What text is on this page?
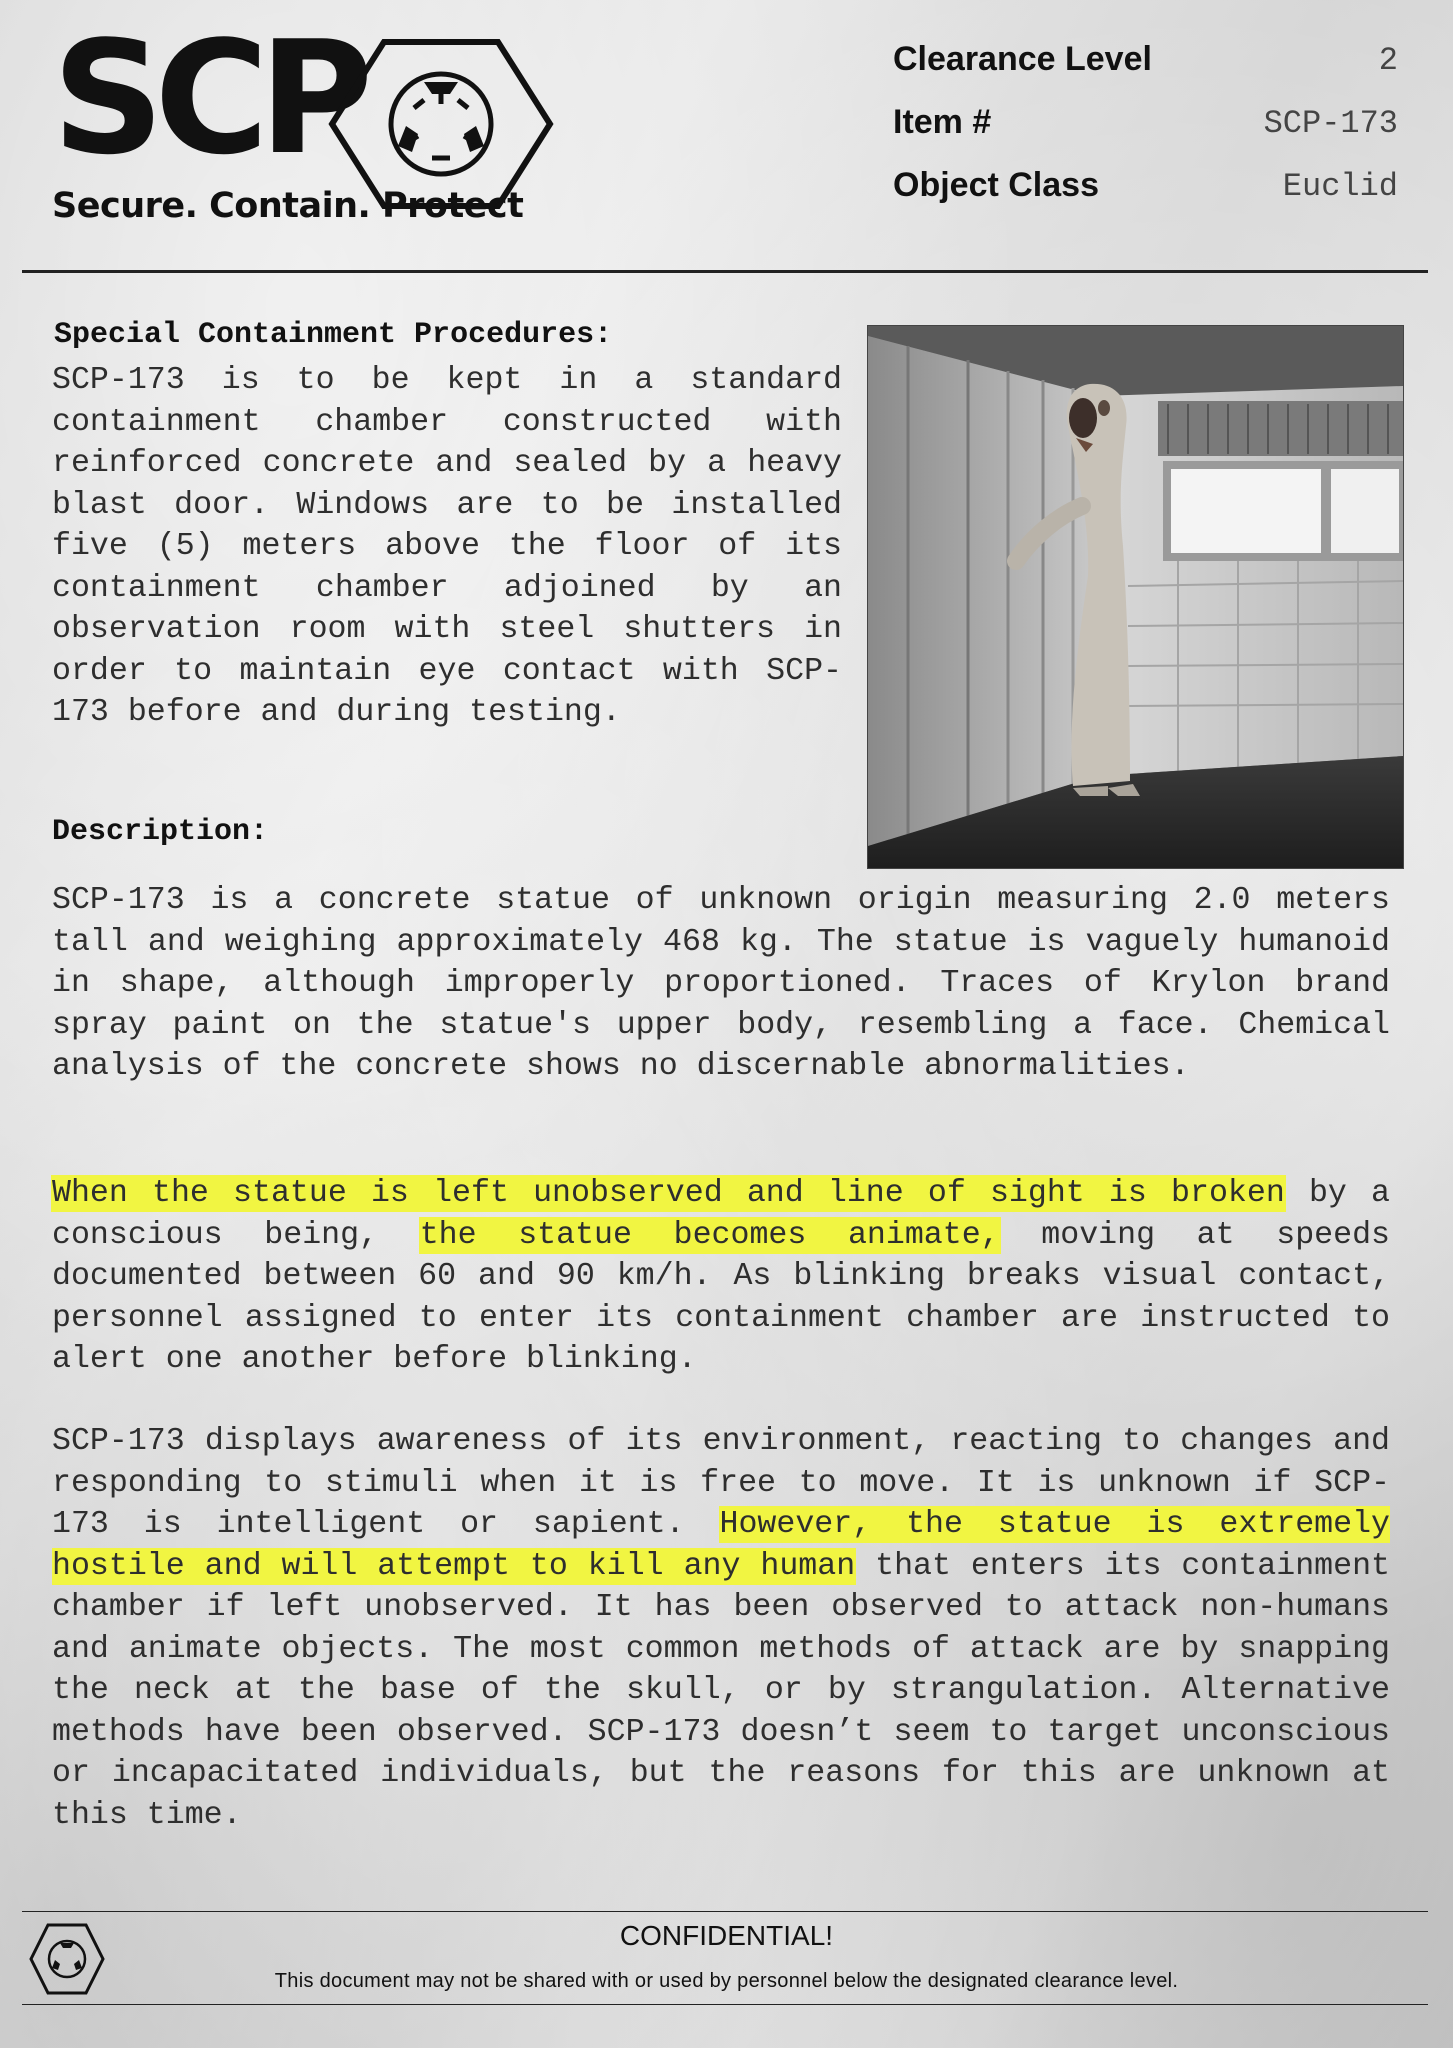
SCP
Secure. Contain. Protect
Clearance Level	2
Item #	SCP-173
Object Class	Euclid
Special Containment Procedures:
SCP-173 is to be kept in a standard containment chamber constructed with reinforced concrete and sealed by a heavy blast door. Windows are to be installed five (5) meters above the floor of its containment chamber adjoined by an observation room with steel shutters in order to maintain eye contact with SCP-173 before and during testing.
Description:
SCP-173 is a concrete statue of unknown origin measuring 2.0 meters tall and weighing approximately 468 kg. The statue is vaguely humanoid in shape, although improperly proportioned. Traces of Krylon brand spray paint on the statue's upper body, resembling a face. Chemical analysis of the concrete shows no discernable abnormalities.
When the statue is left unobserved and line of sight is broken by a conscious being, the statue becomes animate, moving at speeds documented between 60 and 90 km/h. As blinking breaks visual contact, personnel assigned to enter its containment chamber are instructed to alert one another before blinking.
SCP-173 displays awareness of its environment, reacting to changes and responding to stimuli when it is free to move. It is unknown if SCP-173 is intelligent or sapient. However, the statue is extremely hostile and will attempt to kill any human that enters its containment chamber if left unobserved. It has been observed to attack non-humans and animate objects. The most common methods of attack are by snapping the neck at the base of the skull, or by strangulation. Alternative methods have been observed. SCP-173 doesn’t seem to target unconscious or incapacitated individuals, but the reasons for this are unknown at this time.
CONFIDENTIAL!
This document may not be shared with or used by personnel below the designated clearance level.
